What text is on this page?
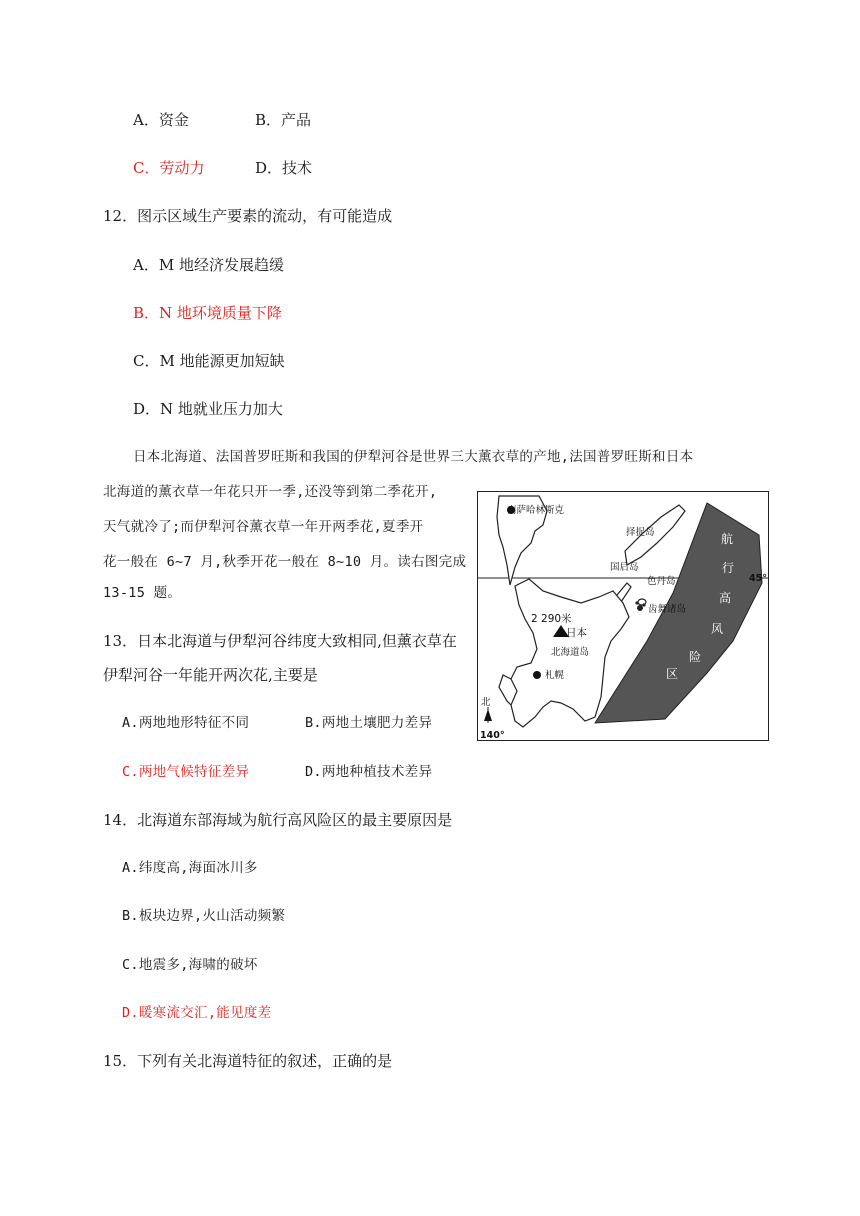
A．资金	B．产品
C．劳动力	D．技术
12．图示区域生产要素的流动，有可能造成
A．M 地经济发展趋缓
B．N 地环境质量下降
C．M 地能源更加短缺
D．N 地就业压力加大
日本北海道、法国普罗旺斯和我国的伊犁河谷是世界三大薰衣草的产地,法国普罗旺斯和日本
北海道的薰衣草一年花只开一季,还没等到第二季花开,
天气就冷了;而伊犁河谷薰衣草一年开两季花,夏季开
花一般在 6~7 月,秋季开花一般在 8~10 月。读右图完成
13-15 题。
13．日本北海道与伊犁河谷纬度大致相同,但薰衣草在
伊犁河谷一年能开两次花,主要是
A.两地地形特征不同	B.两地土壤肥力差异
C.两地气候特征差异	D.两地种植技术差异
14．北海道东部海域为航行高风险区的最主要原因是
A.纬度高,海面冰川多
B.板块边界,火山活动频繁
C.地震多,海啸的破坏
D.暖寒流交汇,能见度差
15．下列有关北海道特征的叙述，正确的是
南萨哈林斯克
择捉岛
国后岛
色丹岛
齿舞诸岛
2 290米
日本
北海道岛
札幌
北
45°
140°
航
行
高
风
险
区
